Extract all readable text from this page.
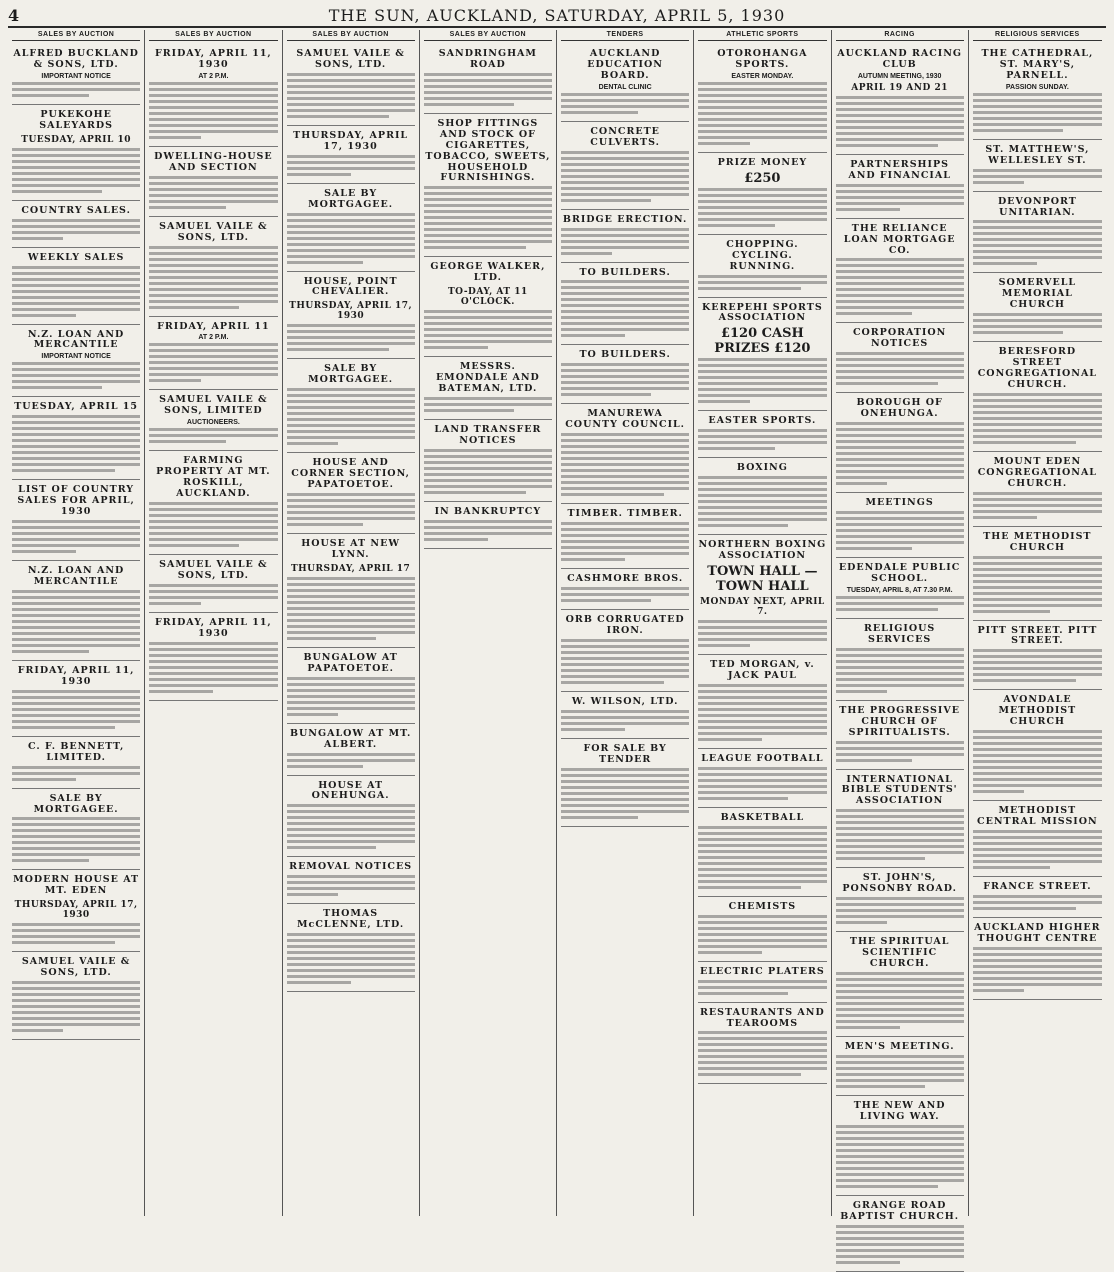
4	THE SUN, AUCKLAND, SATURDAY, APRIL 5, 1930
SALES BY AUCTION
ALFRED BUCKLAND & SONS, LTD.
IMPORTANT NOTICE
PUKEKOHE SALEYARDS
TUESDAY, APRIL 10
COUNTRY SALES.
WEEKLY SALES
N.Z. LOAN AND MERCANTILE
IMPORTANT NOTICE
TUESDAY, APRIL 15
LIST OF COUNTRY SALES FOR APRIL, 1930
N.Z. LOAN AND MERCANTILE
FRIDAY, APRIL 11, 1930
C. F. BENNETT, LIMITED.
SALE BY MORTGAGEE.
MODERN HOUSE AT MT. EDEN
THURSDAY, APRIL 17, 1930
SAMUEL VAILE & SONS, LTD.
SALES BY AUCTION
FRIDAY, APRIL 11, 1930
AT 2 P.M.
DWELLING-HOUSE AND SECTION
SAMUEL VAILE & SONS, LTD.
FRIDAY, APRIL 11
AT 2 P.M.
SAMUEL VAILE & SONS, LIMITED
AUCTIONEERS.
FARMING PROPERTY AT MT. ROSKILL, AUCKLAND.
SAMUEL VAILE & SONS, LTD.
FRIDAY, APRIL 11, 1930
SALES BY AUCTION
SAMUEL VAILE & SONS, LTD.
THURSDAY, APRIL 17, 1930
SALE BY MORTGAGEE.
HOUSE, POINT CHEVALIER.
THURSDAY, APRIL 17, 1930
SALE BY MORTGAGEE.
HOUSE AND CORNER SECTION, PAPATOETOE.
HOUSE AT NEW LYNN.
THURSDAY, APRIL 17
BUNGALOW AT PAPATOETOE.
BUNGALOW AT MT. ALBERT.
HOUSE AT ONEHUNGA.
REMOVAL NOTICES
THOMAS McCLENNE, LTD.
SALES BY AUCTION
SANDRINGHAM ROAD
SHOP FITTINGS AND STOCK OF CIGARETTES, TOBACCO, SWEETS, HOUSEHOLD FURNISHINGS.
GEORGE WALKER, LTD.
TO-DAY, AT 11 O'CLOCK.
MESSRS. EMONDALE AND BATEMAN, LTD.
LAND TRANSFER NOTICES
IN BANKRUPTCY
TENDERS
AUCKLAND EDUCATION BOARD.
DENTAL CLINIC
CONCRETE CULVERTS.
BRIDGE ERECTION.
TO BUILDERS.
TO BUILDERS.
MANUREWA COUNTY COUNCIL.
TIMBER. TIMBER.
CASHMORE BROS.
ORB CORRUGATED IRON.
W. WILSON, LTD.
FOR SALE BY TENDER
ATHLETIC SPORTS
OTOROHANGA SPORTS.
EASTER MONDAY.
PRIZE MONEY
£250
CHOPPING. CYCLING. RUNNING.
KEREPEHI SPORTS ASSOCIATION
£120 CASH PRIZES £120
EASTER SPORTS.
BOXING
NORTHERN BOXING ASSOCIATION
TOWN HALL — TOWN HALL
MONDAY NEXT, APRIL 7.
TED MORGAN, v. JACK PAUL
LEAGUE FOOTBALL
BASKETBALL
CHEMISTS
ELECTRIC PLATERS
RESTAURANTS AND TEAROOMS
RACING
AUCKLAND RACING CLUB
AUTUMN MEETING, 1930
APRIL 19 AND 21
PARTNERSHIPS AND FINANCIAL
THE RELIANCE LOAN MORTGAGE CO.
CORPORATION NOTICES
BOROUGH OF ONEHUNGA.
MEETINGS
EDENDALE PUBLIC SCHOOL.
TUESDAY, APRIL 8, AT 7.30 P.M.
RELIGIOUS SERVICES
THE PROGRESSIVE CHURCH OF SPIRITUALISTS.
INTERNATIONAL BIBLE STUDENTS' ASSOCIATION
ST. JOHN'S, PONSONBY ROAD.
THE SPIRITUAL SCIENTIFIC CHURCH.
MEN'S MEETING.
THE NEW AND LIVING WAY.
GRANGE ROAD BAPTIST CHURCH.
RELIGIOUS SERVICES
THE CATHEDRAL, ST. MARY'S, PARNELL.
PASSION SUNDAY.
ST. MATTHEW'S, WELLESLEY ST.
DEVONPORT UNITARIAN.
SOMERVELL MEMORIAL CHURCH
BERESFORD STREET CONGREGATIONAL CHURCH.
MOUNT EDEN CONGREGATIONAL CHURCH.
THE METHODIST CHURCH
PITT STREET. PITT STREET.
AVONDALE METHODIST CHURCH
METHODIST CENTRAL MISSION
FRANCE STREET.
AUCKLAND HIGHER THOUGHT CENTRE
